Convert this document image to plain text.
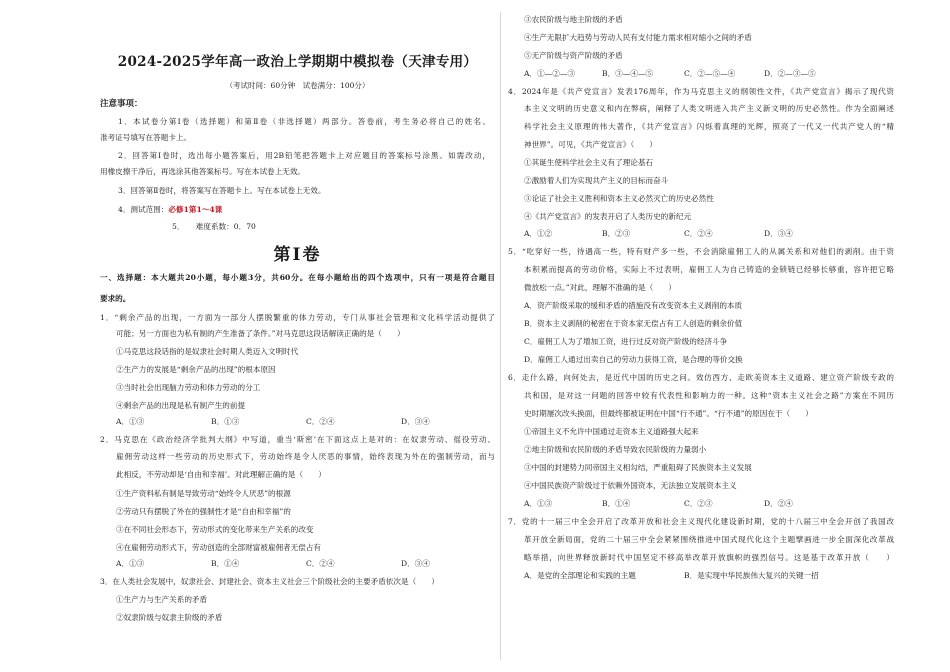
2024-2025学年高一政治上学期期中模拟卷（天津专用）
（考试时间：60分钟　试卷满分：100分）
注意事项：
1．本试卷分第Ⅰ卷（选择题）和第Ⅱ卷（非选择题）两部分。答卷前，考生务必将自己的姓名、
准考证号填写在答题卡上。
2．回答第Ⅰ卷时，选出每小题答案后，用2B铅笔把答题卡上对应题目的答案标号涂黑。如需改动，
用橡皮擦干净后，再选涂其他答案标号。写在本试卷上无效。
3．回答第Ⅱ卷时，将答案写在答题卡上。写在本试卷上无效。
4．测试范围：必修1第1～4课
5．　　难度系数：0．70
第Ⅰ卷
一、选择题：本大题共20小题，每小题3分，共60分。在每小题给出的四个选项中，只有一项是符合题目
要求的。
1．“剩余产品的出现，一方面为一部分人摆脱繁重的体力劳动，专门从事社会管理和文化科学活动提供了
可能；另一方面也为私有制的产生准备了条件。”对马克思这段话解读正确的是（　　）
①马克思这段话指的是奴隶社会时期人类迈入文明时代
②生产力的发展是“剩余产品的出现”的根本原因
③当时社会出现脑力劳动和体力劳动的分工
④剩余产品的出现是私有制产生的前提
A．①③	B．①③	C．②④	D．③④
2．马克思在《政治经济学批判大纲》中写道，重当‘斯密’在下面这点上是对的：在奴隶劳动、徭役劳动、
雇佣劳动这样一些劳动的历史形式下，劳动始终是令人厌恶的事情，始终表现为外在的强制劳动，而与
此相反，不劳动却是‘自由和幸福’。对此理解正确的是（　　）
①生产资料私有制是导致劳动“始终令人厌恶”的根源
②劳动只有摆脱了外在的强制性才是“自由和幸福”的
③在不同社会形态下，劳动形式的变化带来生产关系的改变
④在雇佣劳动形式下，劳动创造的全部财富被雇佣者无偿占有
A．①③	B．①④	C．②④	D．③④
3．在人类社会发展中，奴隶社会、封建社会、资本主义社会三个阶级社会的主要矛盾依次是（　　）
①生产力与生产关系的矛盾
②奴隶阶级与奴隶主阶级的矛盾
③农民阶级与地主阶级的矛盾
④生产无限扩大趋势与劳动人民有支付能力需求相对缩小之间的矛盾
⑤无产阶级与资产阶级的矛盾
A．①—②—③	B．③—④—⑤	C．②—⑤—④	D．②—③—⑤
4．2024年是《共产党宣言》发表176周年，作为马克思主义的纲领性文件，《共产党宣言》揭示了现代资
本主义文明的历史意义和内在弊病，阐释了人类文明进入共产主义新文明的历史必然性。作为全面阐述
科学社会主义原理的伟大著作，《共产党宣言》闪烁着真理的光辉，照亮了一代又一代共产党人的“精
神世界”。可见，《共产党宣言》（　　）
①其诞生使科学社会主义有了理论基石
②激励着人们为实现共产主义的目标而奋斗
③论证了社会主义胜利和资本主义必然灭亡的历史必然性
④《共产党宣言》的发表开启了人类历史的新纪元
A．①②	B．②③	C．②④	D．③④
5．“吃穿好一些，待遇高一些，特有财产多一些，不会消除雇佣工人的从属关系和对他们的剥削。由于资
本积累而提高的劳动价格，实际上不过表明，雇佣工人为自己铸造的金锁链已经够长够重，容许把它略
微放松一点。”对此，理解不准确的是（　　）
A．资产阶级采取的缓和矛盾的措施没有改变资本主义剥削的本质
B．资本主义剥削的秘密在于资本家无偿占有工人创造的剩余价值
C．雇佣工人为了增加工资，进行过反对资产阶级的经济斗争
D．雇佣工人通过出卖自己的劳动力获得工资，是合理的等价交换
6．走什么路，向何处去，是近代中国的历史之问。效仿西方、走欧美资本主义道路、建立资产阶级专政的
共和国，是对这一问题的回答中较有代表性和影响力的一种。这种“资本主义社会之路”方案在不同历
史时期屡次改头换面，但最终都被证明在中国“行不通”。“行不通”的原因在于（　　）
①帝国主义不允许中国通过走资本主义道路强大起来
②地主阶级和农民阶级的矛盾导致农民阶级的力量弱小
③中国的封建势力同帝国主义相勾结，严重阻碍了民族资本主义发展
④中国民族资产阶级过于依赖外国资本，无法独立发展资本主义
A．①③	B．①④	C．②③	D．②④
7．党的十一届三中全会开启了改革开放和社会主义现代化建设新时期，党的十八届三中全会开创了我国改
革开放全新局面，党的二十届三中全会紧紧围绕推进中国式现代化这个主题擘画进一步全面深化改革战
略举措，向世界释放新时代中国坚定不移高举改革开放旗帜的强烈信号。这是基于改革开放（　　）
A．是党的全部理论和实践的主题	B．是实现中华民族伟大复兴的关键一招
